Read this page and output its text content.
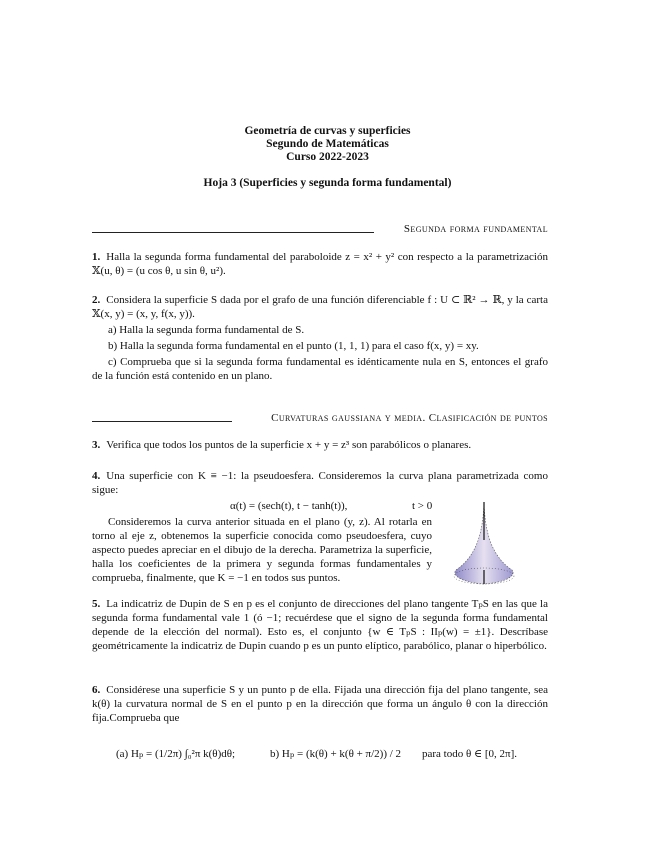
Geometría de curvas y superficies
Segundo de Matemáticas
Curso 2022-2023
Hoja 3 (Superficies y segunda forma fundamental)
Segunda forma fundamental
1. Halla la segunda forma fundamental del paraboloide z = x² + y² con respecto a la parametrización 𝕏(u, θ) = (u cos θ, u sin θ, u²).
2. Considera la superficie S dada por el grafo de una función diferenciable f : U ⊂ ℝ² → ℝ, y la carta 𝕏(x, y) = (x, y, f(x, y)).
a) Halla la segunda forma fundamental de S.
b) Halla la segunda forma fundamental en el punto (1, 1, 1) para el caso f(x, y) = xy.
c) Comprueba que si la segunda forma fundamental es idénticamente nula en S, entonces el grafo de la función está contenido en un plano.
Curvaturas gaussiana y media. Clasificación de puntos
3. Verifica que todos los puntos de la superficie x + y = z³ son parabólicos o planares.
4. Una superficie con K ≡ −1: la pseudoesfera. Consideremos la curva plana parametrizada como sigue:
α(t) = (sech(t), t − tanh(t)),	t > 0
Consideremos la curva anterior situada en el plano (y, z). Al rotarla en torno al eje z, obtenemos la superficie conocida como pseudoesfera, cuyo aspecto puedes apreciar en el dibujo de la derecha. Parametriza la superficie, halla los coeficientes de la primera y segunda formas fundamentales y comprueba, finalmente, que K = −1 en todos sus puntos.
5. La indicatriz de Dupin de S en p es el conjunto de direcciones del plano tangente TₚS en las que la segunda forma fundamental vale 1 (ó −1; recuérdese que el signo de la segunda forma fundamental depende de la elección del normal). Esto es, el conjunto {w ∈ TₚS : IIₚ(w) = ±1}. Descríbase geométricamente la indicatriz de Dupin cuando p es un punto elíptico, parabólico, planar o hiperbólico.
6. Considérese una superficie S y un punto p de ella. Fijada una dirección fija del plano tangente, sea k(θ) la curvatura normal de S en el punto p en la dirección que forma un ángulo θ con la dirección fija.Comprueba que
(a) Hₚ = (1/2π) ∫₀²π k(θ)dθ;	b) Hₚ = (k(θ) + k(θ + π/2)) / 2 para todo θ ∈ [0, 2π].
